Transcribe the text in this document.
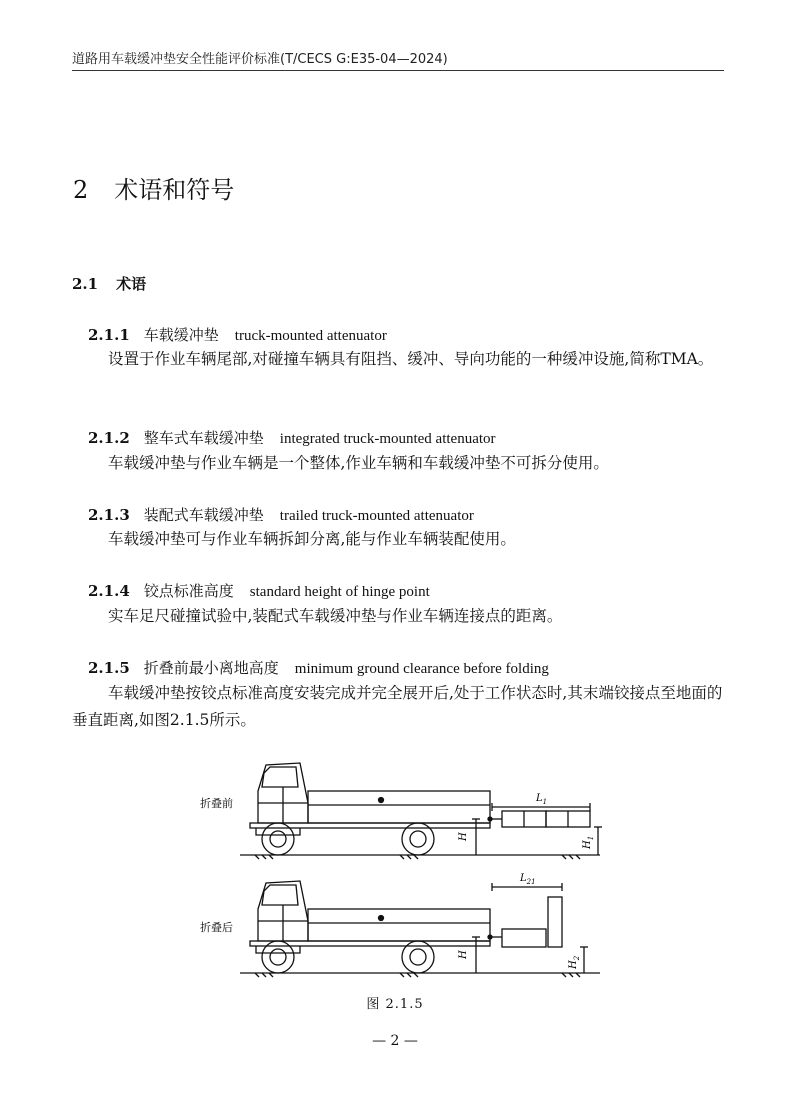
道路用车载缓冲垫安全性能评价标准(T/CECS G:E35-04—2024)
2 术语和符号
2.1 术语
2.1.1 车载缓冲垫 truck-mounted attenuator
设置于作业车辆尾部,对碰撞车辆具有阻挡、缓冲、导向功能的一种缓冲设施,简称TMA。
2.1.2 整车式车载缓冲垫 integrated truck-mounted attenuator
车载缓冲垫与作业车辆是一个整体,作业车辆和车载缓冲垫不可拆分使用。
2.1.3 装配式车载缓冲垫 trailed truck-mounted attenuator
车载缓冲垫可与作业车辆拆卸分离,能与作业车辆装配使用。
2.1.4 铰点标准高度 standard height of hinge point
实车足尺碰撞试验中,装配式车载缓冲垫与作业车辆连接点的距离。
2.1.5 折叠前最小离地高度 minimum ground clearance before folding
车载缓冲垫按铰点标准高度安装完成并完全展开后,处于工作状态时,其末端铰接点至地面的垂直距离,如图2.1.5所示。
折叠前	$L_1$
H
$H_1$
折叠后
$L_{21}$
H
$H_2$
图 2.1.5
— 2 —
